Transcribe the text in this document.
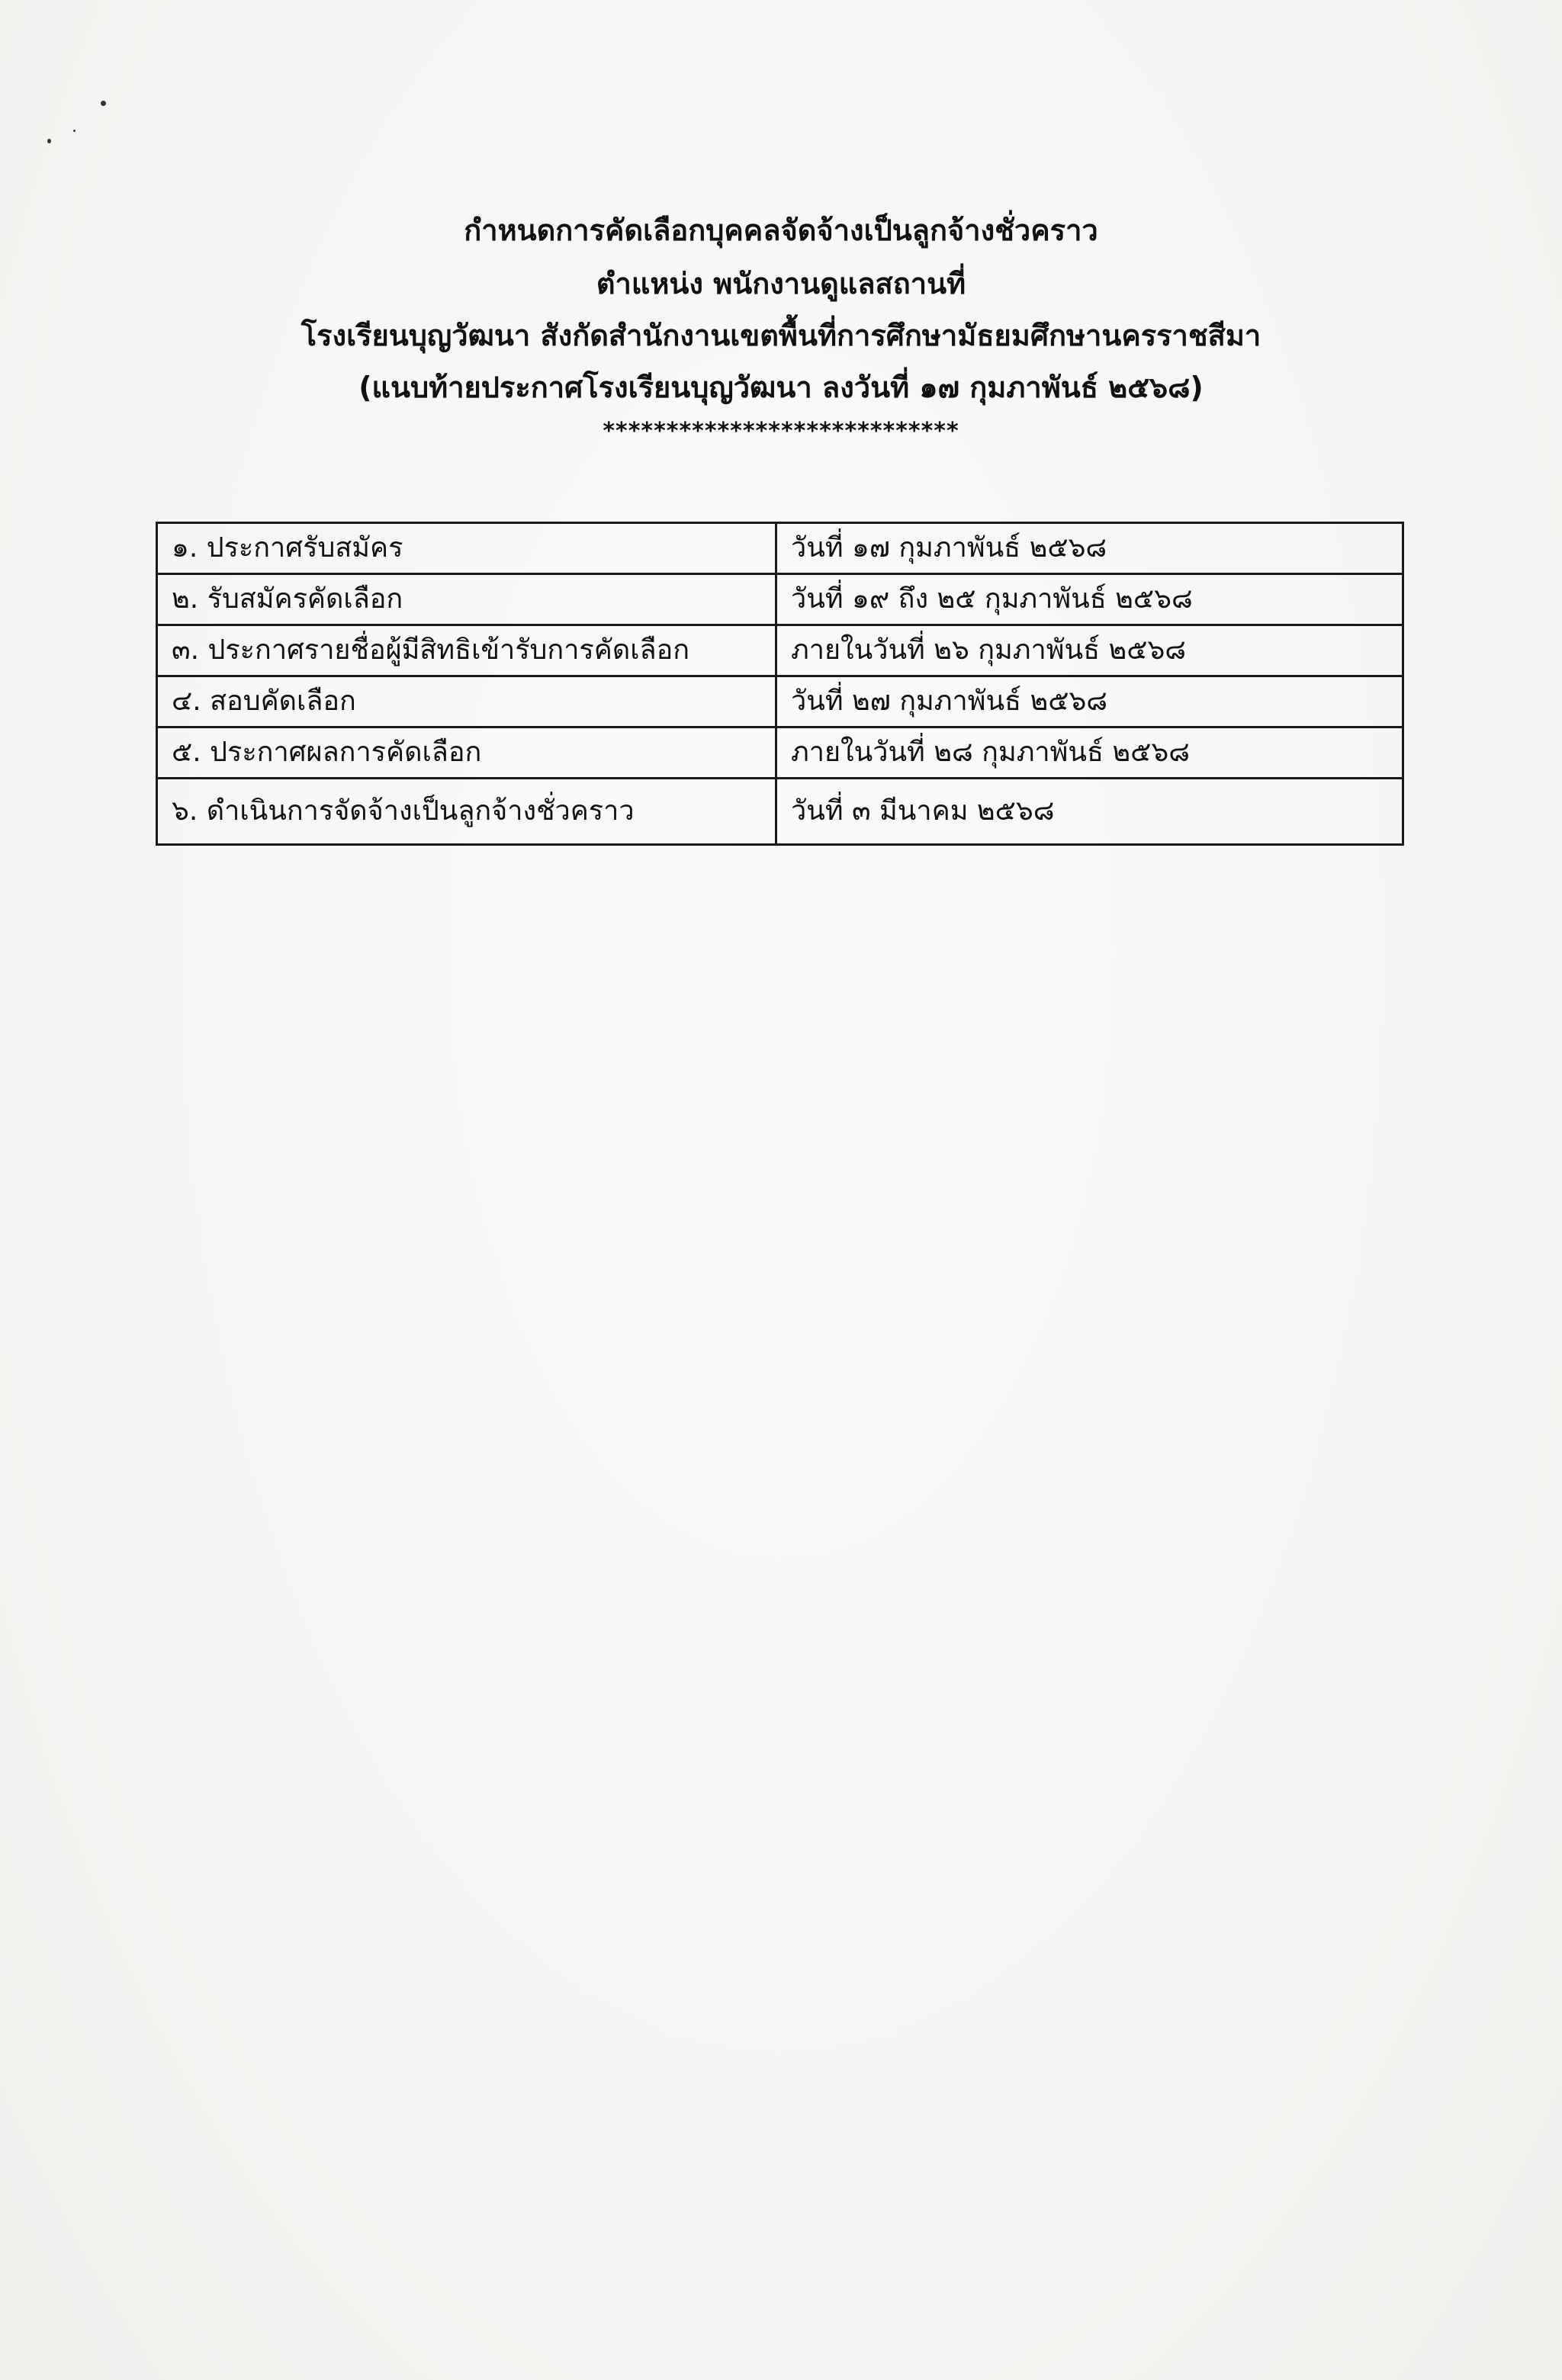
กำหนดการคัดเลือกบุคคลจัดจ้างเป็นลูกจ้างชั่วคราว
ตำแหน่ง พนักงานดูแลสถานที่
โรงเรียนบุญวัฒนา สังกัดสำนักงานเขตพื้นที่การศึกษามัธยมศึกษานครราชสีมา
(แนบท้ายประกาศโรงเรียนบุญวัฒนา ลงวันที่ ๑๗ กุมภาพันธ์ ๒๕๖๘)
****************************
๑. ประกาศรับสมัคร	วันที่ ๑๗ กุมภาพันธ์ ๒๕๖๘
๒. รับสมัครคัดเลือก	วันที่ ๑๙ ถึง ๒๕ กุมภาพันธ์ ๒๕๖๘
๓. ประกาศรายชื่อผู้มีสิทธิเข้ารับการคัดเลือก	ภายในวันที่ ๒๖ กุมภาพันธ์ ๒๕๖๘
๔. สอบคัดเลือก	วันที่ ๒๗ กุมภาพันธ์ ๒๕๖๘
๕. ประกาศผลการคัดเลือก	ภายในวันที่ ๒๘ กุมภาพันธ์ ๒๕๖๘
๖. ดำเนินการจัดจ้างเป็นลูกจ้างชั่วคราว	วันที่ ๓ มีนาคม ๒๕๖๘
